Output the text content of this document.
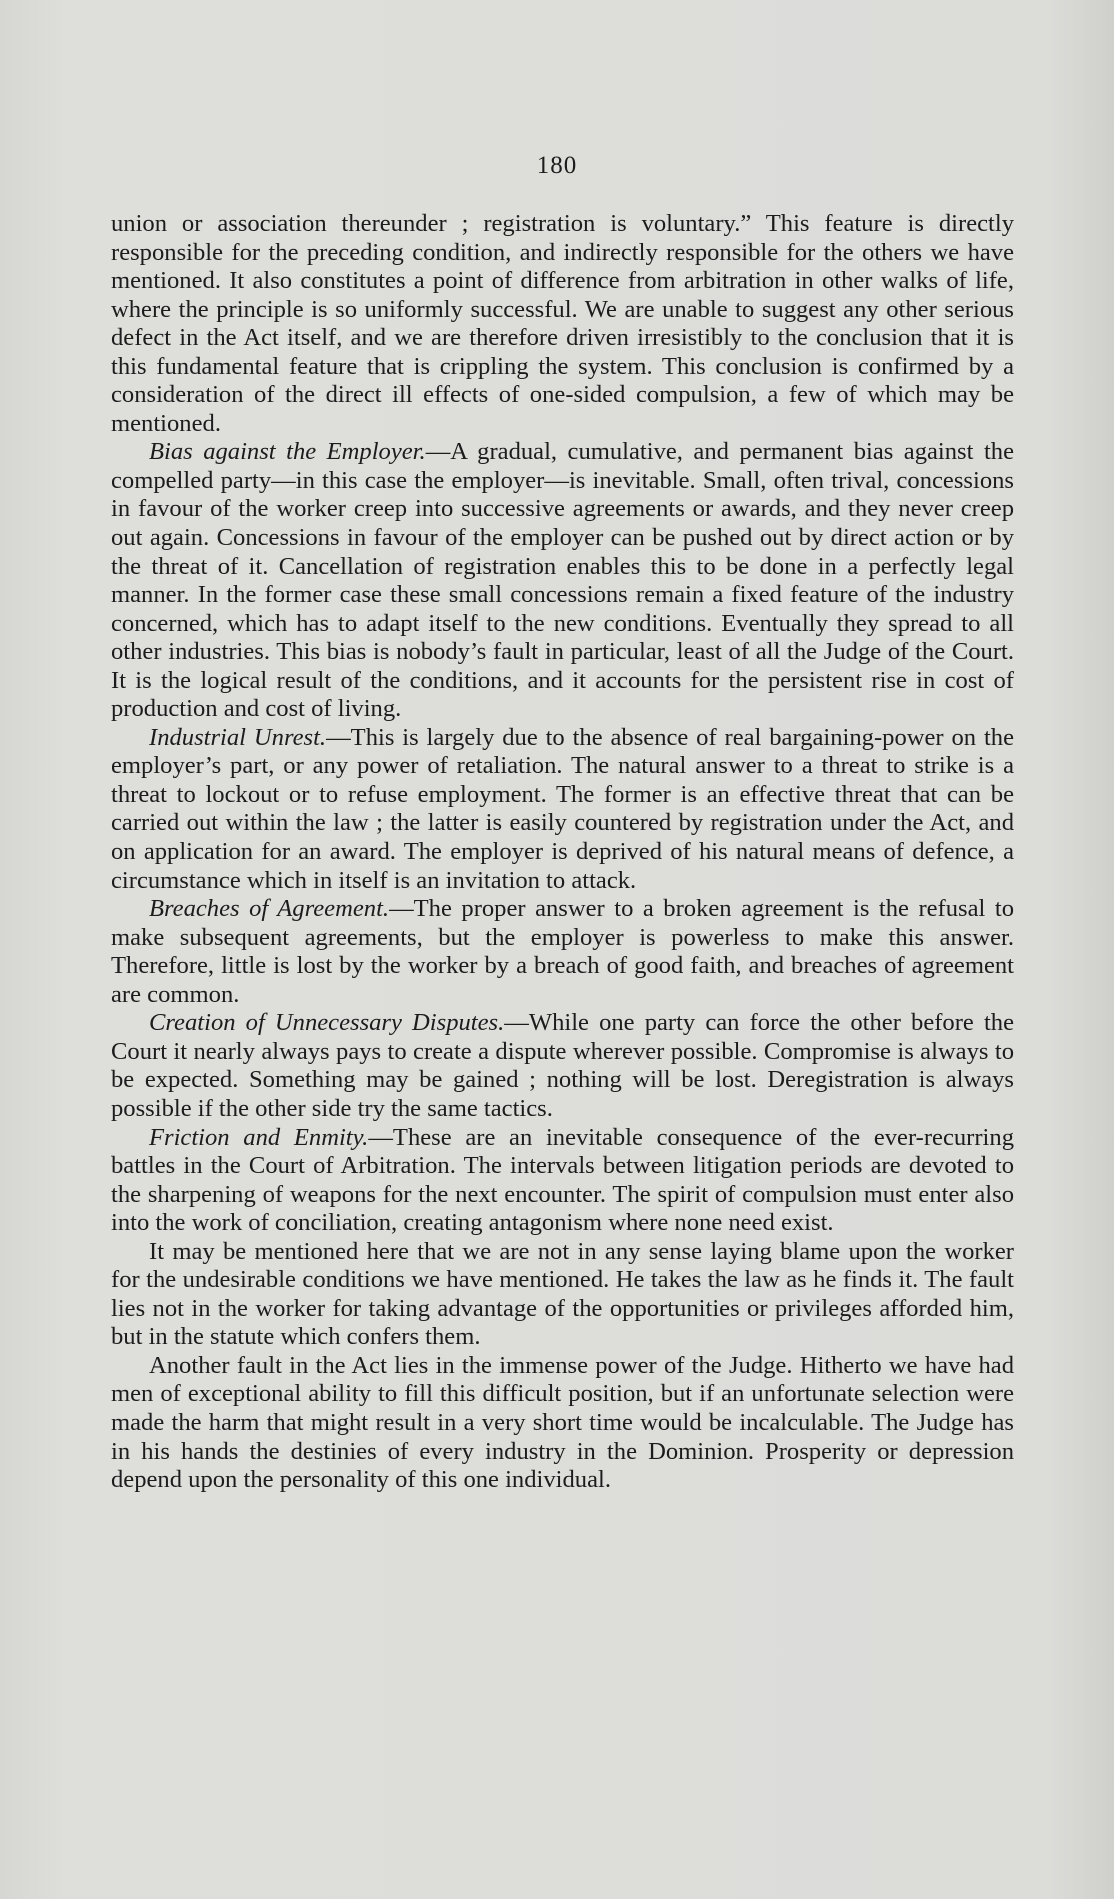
180

union or association thereunder ; registration is voluntary.” This feature is directly responsible for the preceding condition, and indirectly responsible for the others we have mentioned. It also constitutes a point of difference from arbitration in other walks of life, where the principle is so uniformly successful. We are unable to suggest any other serious defect in the Act itself, and we are therefore driven irresistibly to the conclusion that it is this fundamental feature that is crippling the system. This conclusion is confirmed by a consideration of the direct ill effects of one-sided compulsion, a few of which may be mentioned.

Bias against the Employer.—A gradual, cumulative, and permanent bias against the compelled party—in this case the employer—is inevitable. Small, often trival, concessions in favour of the worker creep into successive agreements or awards, and they never creep out again. Concessions in favour of the employer can be pushed out by direct action or by the threat of it. Cancellation of registration enables this to be done in a perfectly legal manner. In the former case these small concessions remain a fixed feature of the industry concerned, which has to adapt itself to the new conditions. Eventually they spread to all other industries. This bias is nobody’s fault in particular, least of all the Judge of the Court. It is the logical result of the conditions, and it accounts for the persistent rise in cost of production and cost of living.

Industrial Unrest.—This is largely due to the absence of real bargaining-power on the employer’s part, or any power of retaliation. The natural answer to a threat to strike is a threat to lockout or to refuse employment. The former is an effective threat that can be carried out within the law ; the latter is easily countered by registration under the Act, and on application for an award. The employer is deprived of his natural means of defence, a circumstance which in itself is an invitation to attack.

Breaches of Agreement.—The proper answer to a broken agreement is the refusal to make subsequent agreements, but the employer is powerless to make this answer. Therefore, little is lost by the worker by a breach of good faith, and breaches of agreement are common.

Creation of Unnecessary Disputes.—While one party can force the other before the Court it nearly always pays to create a dispute wherever possible. Compromise is always to be expected. Something may be gained ; nothing will be lost. Deregistration is always possible if the other side try the same tactics.

Friction and Enmity.—These are an inevitable consequence of the ever-recurring battles in the Court of Arbitration. The intervals between litigation periods are devoted to the sharpening of weapons for the next encounter. The spirit of compulsion must enter also into the work of conciliation, creating antagonism where none need exist.

It may be mentioned here that we are not in any sense laying blame upon the worker for the undesirable conditions we have mentioned. He takes the law as he finds it. The fault lies not in the worker for taking advantage of the opportunities or privileges afforded him, but in the statute which confers them.

Another fault in the Act lies in the immense power of the Judge. Hitherto we have had men of exceptional ability to fill this difficult position, but if an unfortunate selection were made the harm that might result in a very short time would be incalculable. The Judge has in his hands the destinies of every industry in the Dominion. Prosperity or depression depend upon the personality of this one individual.
